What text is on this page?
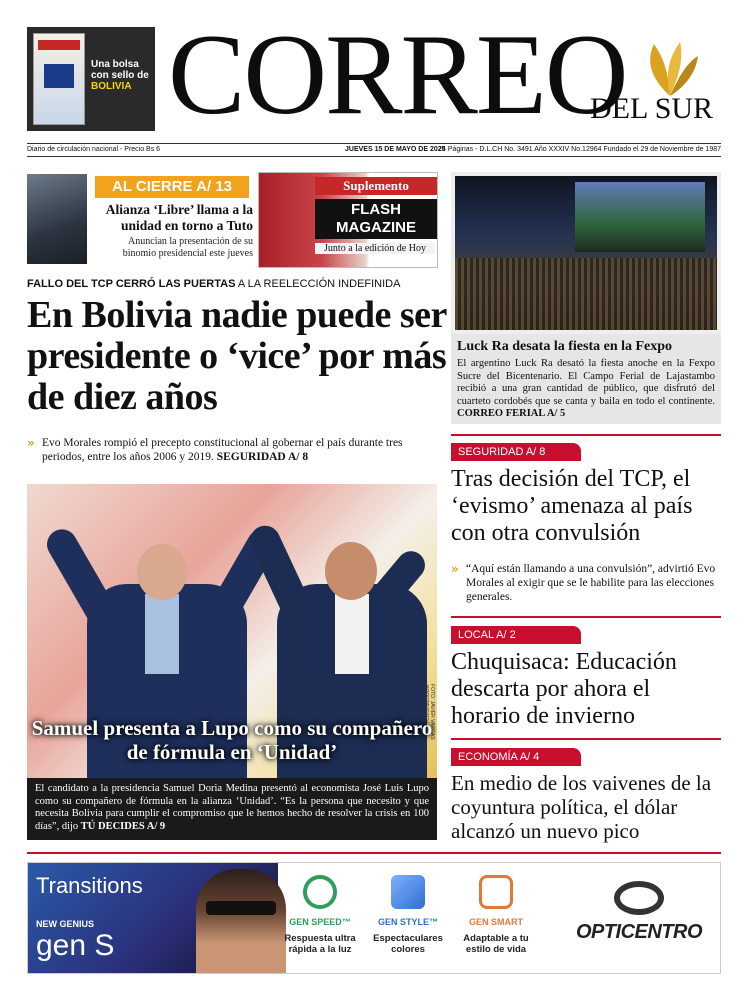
Una bolsa
con sello de
BOLIVIA CORREO
DEL SUR
Diario de circulación nacional - Precio Bs 6	JUEVES 15 DE MAYO DE 2025
24 Páginas - D.L.CH No. 3491 Año XXXIV No.12964 Fundado el 29 de Noviembre de 1987
AL CIERRE A/ 13
Alianza ‘Libre’ llama a la unidad en torno a Tuto
Anuncian la presentación de su binomio presidencial este jueves
Suplemento
FLASH MAGAZINE
Junto a la edición de Hoy
Luck Ra desata la fiesta en la Fexpo
El argentino Luck Ra desató la fiesta anoche en la Fexpo Sucre del Bicentenario. El Campo Ferial de Lajastambo recibió a una gran cantidad de público, que disfrutó del cuarteto cordobés que se canta y baila en todo el continente. CORREO FERIAL A/ 5
FALLO DEL TCP CERRÓ LAS PUERTAS A LA REELECCIÓN INDEFINIDA
En Bolivia nadie puede ser presidente o ‘vice’ por más de diez años
» Evo Morales rompió el precepto constitucional al gobernar el país durante tres periodos, entre los años 2006 y 2019. SEGURIDAD A/ 8
FOTO: JAVIER VARGAS @PORTAVOZCV
Samuel presenta a Lupo como su compañero de fórmula en ‘Unidad’
El candidato a la presidencia Samuel Doria Medina presentó al economista José Luis Lupo como su compañero de fórmula en la alianza ‘Unidad’. “Es la persona que necesito y que necesita Bolivia para cumplir el compromiso que le hemos hecho de resolver la crisis en 100 días”, dijo TÚ DECIDES A/ 9
SEGURIDAD A/ 8
Tras decisión del TCP, el ‘evismo’ amenaza al país con otra convulsión
» “Aquí están llamando a una convulsión”, advirtió Evo Morales al exigir que se le habilite para las elecciones generales.
LOCAL A/ 2
Chuquisaca: Educación descarta por ahora el horario de invierno
ECONOMÍA A/ 4
En medio de los vaivenes de la coyuntura política, el dólar alcanzó un nuevo pico
Transitions
NEW GENIUS
gen S
GEN SPEED™
Respuesta ultra rápida a la luz
GEN STYLE™
Espectaculares colores
GEN SMART
Adaptable a tu estilo de vida
OPTICENTRO
